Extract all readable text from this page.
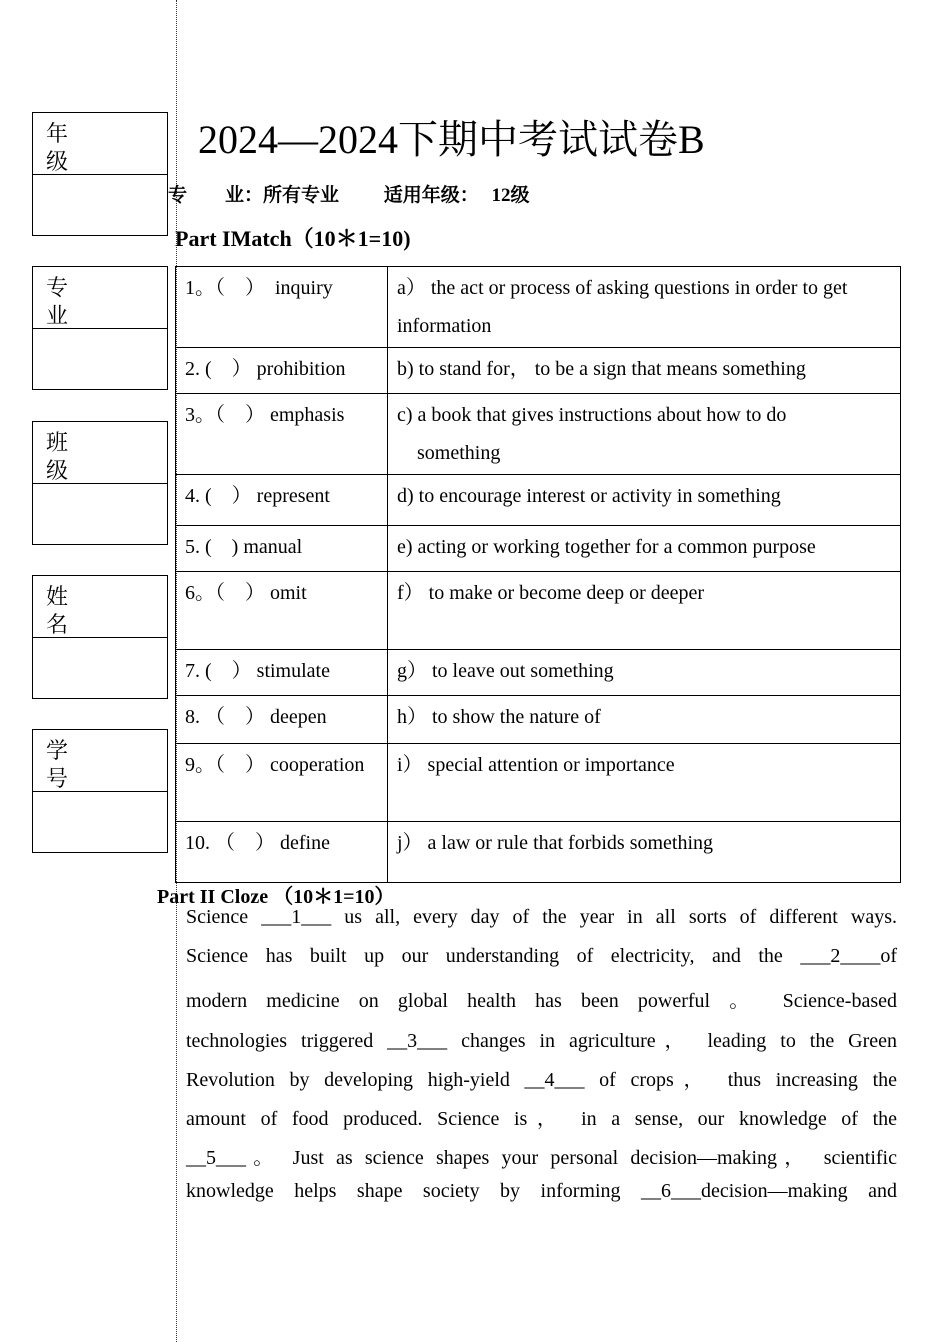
年级
专业
班级
姓名
学号
2024—2024下期中考试试卷B
专　　业：所有专业 适用年级： 12级
Part IMatch（10＊1=10)
1。（　）　inquiry	a） the act or process of asking questions in order to get information
2. (　） prohibition	b) to stand for， to be a sign that means something
3。（　） emphasis	c) a book that gives instructions about how to do 　something
4. (　） represent	d) to encourage interest or activity in something
5. (　) manual	e) acting or working together for a common purpose
6。（　） omit	f） to make or become deep or deeper
7. (　） stimulate	g） to leave out something
8. （　） deepen	h） to show the nature of
9。（　） cooperation	i） special attention or importance
10. （　） define	j） a law or rule that forbids something
Part II Cloze （10＊1=10）
Science ___1___ us all, every day of the year in all sorts of different ways.
Science has built up our understanding of electricity, and the ___2____of
modern medicine on global health has been powerful 。 Science-based
technologies triggered __3___ changes in agriculture， leading to the Green
Revolution by developing high-yield __4___ of crops， thus increasing the
amount of food produced. Science is， in a sense, our knowledge of the
__5___。 Just as science shapes your personal decision—making， scientific
knowledge helps shape society by informing __6___decision—making and
